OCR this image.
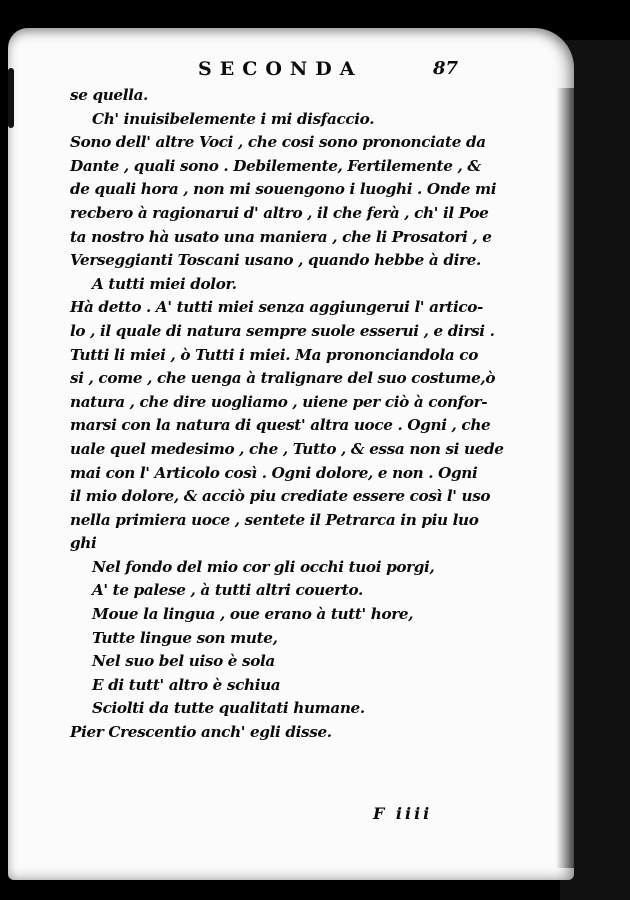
SECONDA	87
se quella.
Ch' inuisibelemente i mi disfaccio.
Sono dell' altre Voci , che cosi sono prononciate da
Dante , quali sono . Debilemente, Fertilemente , &
de quali hora , non mi souengono i luoghi . Onde mi
recbero à ragionarui d' altro , il che ferà , ch' il Poe
ta nostro hà usato una maniera , che li Prosatori , e
Verseggianti Toscani usano , quando hebbe à dire.
A tutti miei dolor.
Hà detto . A' tutti miei senza aggiungerui l' artico-
lo , il quale di natura sempre suole esserui , e dirsi .
Tutti li miei , ò Tutti i miei. Ma prononciandola co
si , come , che uenga à tralignare del suo costume,ò
natura , che dire uogliamo , uiene per ciò à confor-
marsi con la natura di quest' altra uoce . Ogni , che
uale quel medesimo , che , Tutto , & essa non si uede
mai con l' Articolo così . Ogni dolore, e non . Ogni
il mio dolore, & acciò piu crediate essere così l' uso
nella primiera uoce , sentete il Petrarca in piu luo
ghi
Nel fondo del mio cor gli occhi tuoi porgi,
A' te palese , à tutti altri couerto.
Moue la lingua , oue erano à tutt' hore,
Tutte lingue son mute,
Nel suo bel uiso è sola
E di tutt' altro è schiua
Sciolti da tutte qualitati humane.
Pier Crescentio anch' egli disse.
F iiii
